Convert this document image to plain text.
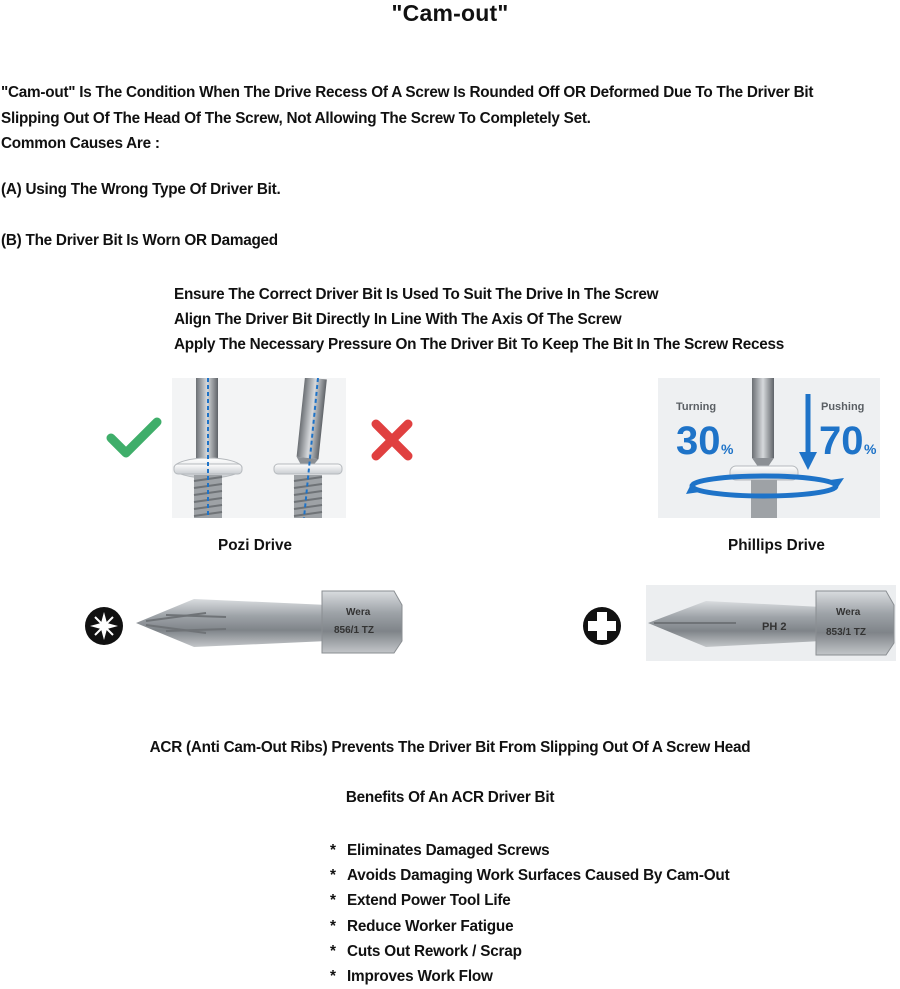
"Cam-out"
"Cam-out" Is The Condition When The Drive Recess Of A Screw Is Rounded Off OR Deformed Due To The Driver Bit
Slipping Out Of The Head Of The Screw, Not Allowing The Screw To Completely Set.
Common Causes Are :
(A) Using The Wrong Type Of Driver Bit.
(B) The Driver Bit Is Worn OR Damaged
Ensure The Correct Driver Bit Is Used To Suit The Drive In The Screw
Align The Driver Bit Directly In Line With The Axis Of The Screw
Apply The Necessary Pressure On The Driver Bit To Keep The Bit In The Screw Recess
Turning
30 %
Pushing
70 %
Pozi Drive	Phillips Drive
Wera
856/1 TZ	PH 2
Wera
853/1 TZ
ACR (Anti Cam-Out Ribs) Prevents The Driver Bit From Slipping Out Of A Screw Head
Benefits Of An ACR Driver Bit
* Eliminates Damaged Screws
* Avoids Damaging Work Surfaces Caused By Cam-Out
* Extend Power Tool Life
* Reduce Worker Fatigue
* Cuts Out Rework / Scrap
* Improves Work Flow
